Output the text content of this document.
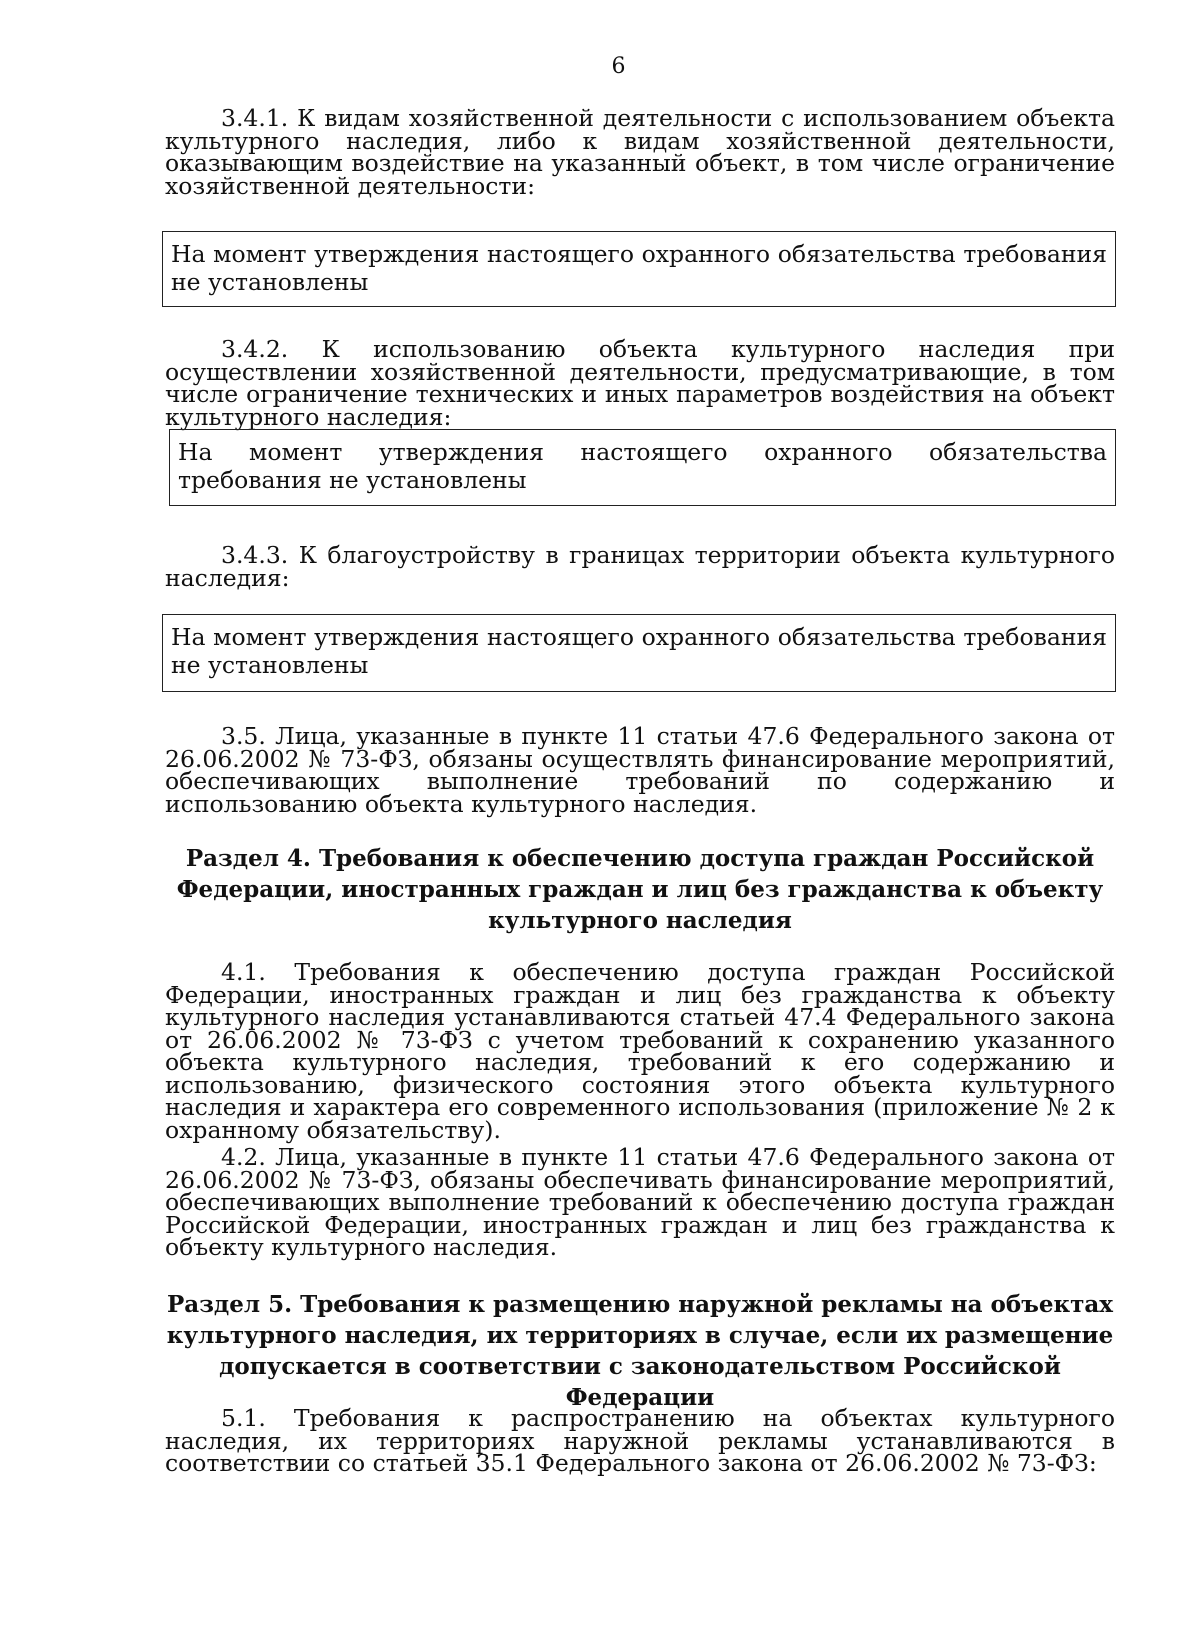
6

3.4.1. К видам хозяйственной деятельности с использованием объекта культурного наследия, либо к видам хозяйственной деятельности, оказывающим воздействие на указанный объект, в том числе ограничение хозяйственной деятельности:

На момент утверждения настоящего охранного обязательства требования не установлены

3.4.2. К использованию объекта культурного наследия при осуществлении хозяйственной деятельности, предусматривающие, в том числе ограничение технических и иных параметров воздействия на объект культурного наследия:

На момент утверждения настоящего охранного обязательства требования не установлены

3.4.3. К благоустройству в границах территории объекта культурного наследия:

На момент утверждения настоящего охранного обязательства требования не установлены

3.5. Лица, указанные в пункте 11 статьи 47.6 Федерального закона от 26.06.2002 № 73-ФЗ, обязаны осуществлять финансирование мероприятий, обеспечивающих выполнение требований по содержанию и использованию объекта культурного наследия.

Раздел 4. Требования к обеспечению доступа граждан Российской Федерации, иностранных граждан и лиц без гражданства к объекту культурного наследия

4.1. Требования к обеспечению доступа граждан Российской Федерации, иностранных граждан и лиц без гражданства к объекту культурного наследия устанавливаются статьей 47.4 Федерального закона от 26.06.2002 № 73-ФЗ с учетом требований к сохранению указанного объекта культурного наследия, требований к его содержанию и использованию, физического состояния этого объекта культурного наследия и характера его современного использования (приложение № 2 к охранному обязательству).

4.2. Лица, указанные в пункте 11 статьи 47.6 Федерального закона от 26.06.2002 № 73-ФЗ, обязаны обеспечивать финансирование мероприятий, обеспечивающих выполнение требований к обеспечению доступа граждан Российской Федерации, иностранных граждан и лиц без гражданства к объекту культурного наследия.

Раздел 5. Требования к размещению наружной рекламы на объектах культурного наследия, их территориях в случае, если их размещение допускается в соответствии с законодательством Российской Федерации

5.1. Требования к распространению на объектах культурного наследия, их территориях наружной рекламы устанавливаются в соответствии со статьей 35.1 Федерального закона от 26.06.2002 № 73-ФЗ:
